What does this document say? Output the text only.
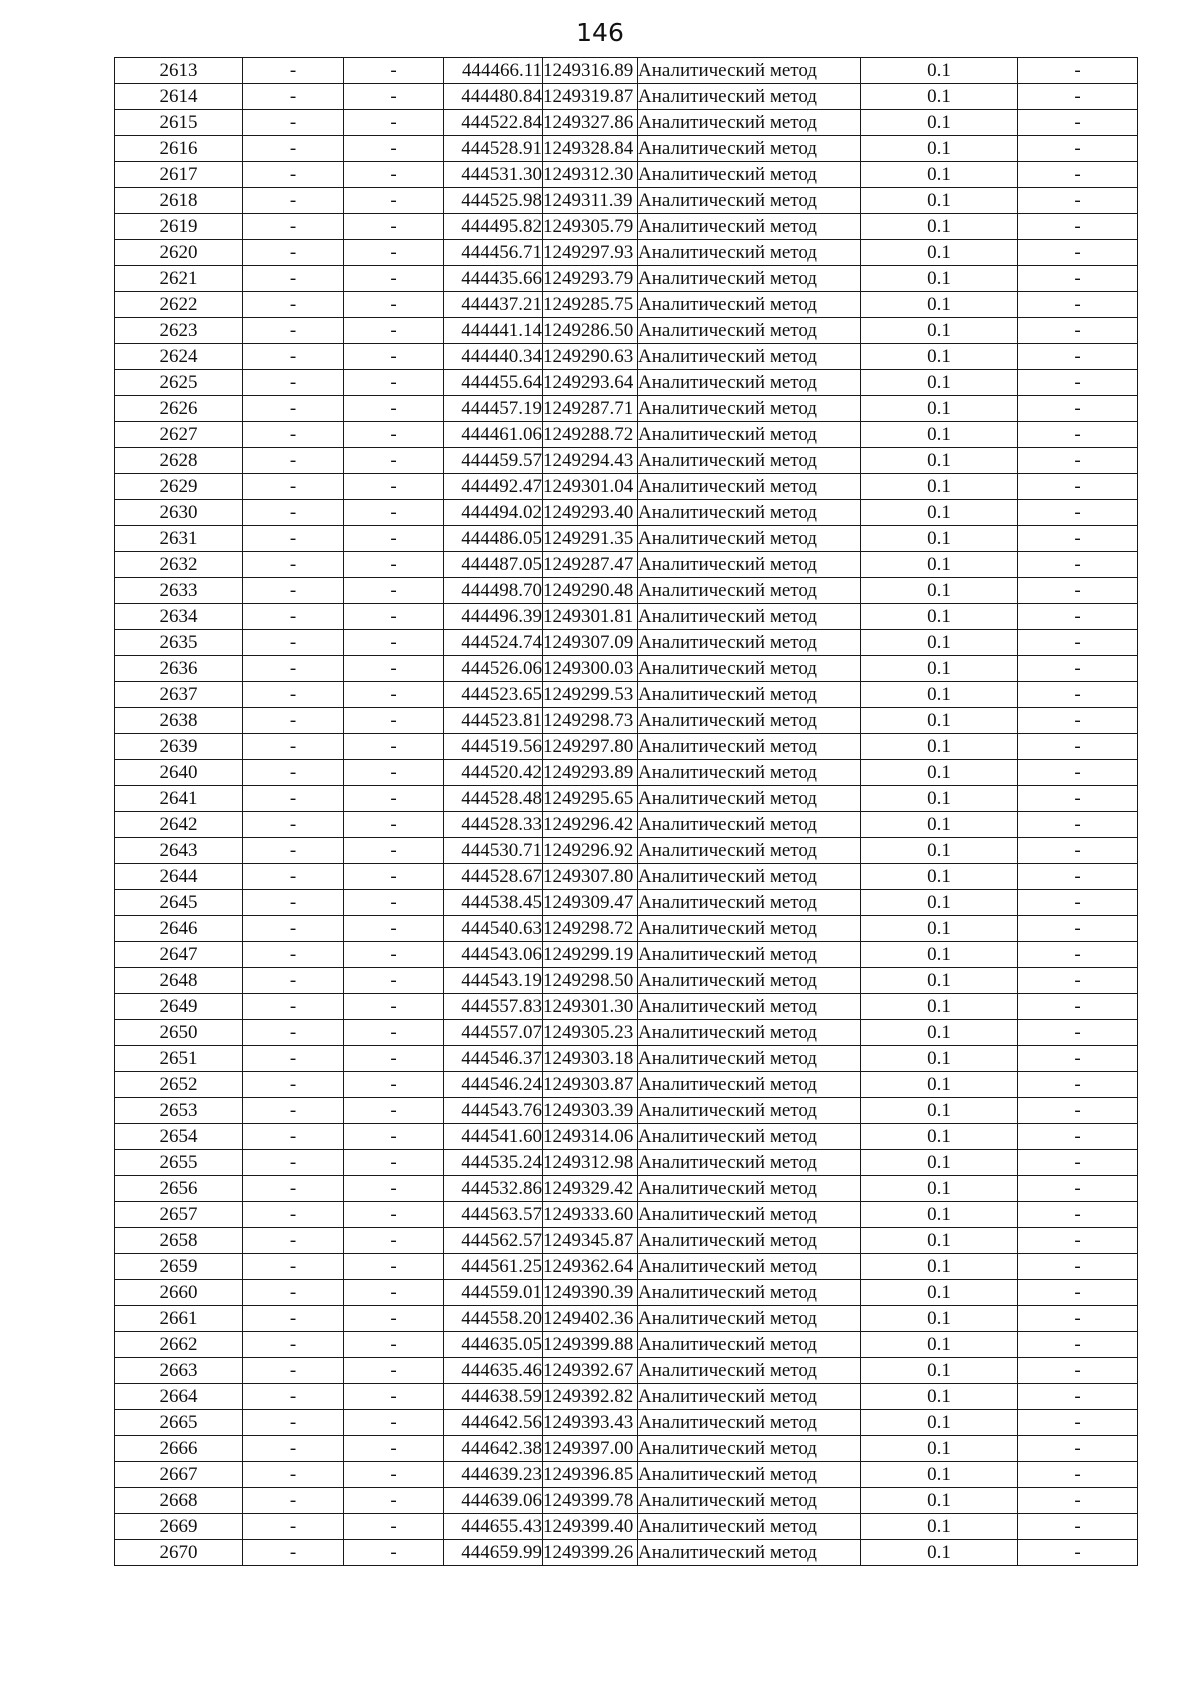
146
2613	-	-	444466.11	1249316.89	Аналитический метод	0.1	-
2614	-	-	444480.84	1249319.87	Аналитический метод	0.1	-
2615	-	-	444522.84	1249327.86	Аналитический метод	0.1	-
2616	-	-	444528.91	1249328.84	Аналитический метод	0.1	-
2617	-	-	444531.30	1249312.30	Аналитический метод	0.1	-
2618	-	-	444525.98	1249311.39	Аналитический метод	0.1	-
2619	-	-	444495.82	1249305.79	Аналитический метод	0.1	-
2620	-	-	444456.71	1249297.93	Аналитический метод	0.1	-
2621	-	-	444435.66	1249293.79	Аналитический метод	0.1	-
2622	-	-	444437.21	1249285.75	Аналитический метод	0.1	-
2623	-	-	444441.14	1249286.50	Аналитический метод	0.1	-
2624	-	-	444440.34	1249290.63	Аналитический метод	0.1	-
2625	-	-	444455.64	1249293.64	Аналитический метод	0.1	-
2626	-	-	444457.19	1249287.71	Аналитический метод	0.1	-
2627	-	-	444461.06	1249288.72	Аналитический метод	0.1	-
2628	-	-	444459.57	1249294.43	Аналитический метод	0.1	-
2629	-	-	444492.47	1249301.04	Аналитический метод	0.1	-
2630	-	-	444494.02	1249293.40	Аналитический метод	0.1	-
2631	-	-	444486.05	1249291.35	Аналитический метод	0.1	-
2632	-	-	444487.05	1249287.47	Аналитический метод	0.1	-
2633	-	-	444498.70	1249290.48	Аналитический метод	0.1	-
2634	-	-	444496.39	1249301.81	Аналитический метод	0.1	-
2635	-	-	444524.74	1249307.09	Аналитический метод	0.1	-
2636	-	-	444526.06	1249300.03	Аналитический метод	0.1	-
2637	-	-	444523.65	1249299.53	Аналитический метод	0.1	-
2638	-	-	444523.81	1249298.73	Аналитический метод	0.1	-
2639	-	-	444519.56	1249297.80	Аналитический метод	0.1	-
2640	-	-	444520.42	1249293.89	Аналитический метод	0.1	-
2641	-	-	444528.48	1249295.65	Аналитический метод	0.1	-
2642	-	-	444528.33	1249296.42	Аналитический метод	0.1	-
2643	-	-	444530.71	1249296.92	Аналитический метод	0.1	-
2644	-	-	444528.67	1249307.80	Аналитический метод	0.1	-
2645	-	-	444538.45	1249309.47	Аналитический метод	0.1	-
2646	-	-	444540.63	1249298.72	Аналитический метод	0.1	-
2647	-	-	444543.06	1249299.19	Аналитический метод	0.1	-
2648	-	-	444543.19	1249298.50	Аналитический метод	0.1	-
2649	-	-	444557.83	1249301.30	Аналитический метод	0.1	-
2650	-	-	444557.07	1249305.23	Аналитический метод	0.1	-
2651	-	-	444546.37	1249303.18	Аналитический метод	0.1	-
2652	-	-	444546.24	1249303.87	Аналитический метод	0.1	-
2653	-	-	444543.76	1249303.39	Аналитический метод	0.1	-
2654	-	-	444541.60	1249314.06	Аналитический метод	0.1	-
2655	-	-	444535.24	1249312.98	Аналитический метод	0.1	-
2656	-	-	444532.86	1249329.42	Аналитический метод	0.1	-
2657	-	-	444563.57	1249333.60	Аналитический метод	0.1	-
2658	-	-	444562.57	1249345.87	Аналитический метод	0.1	-
2659	-	-	444561.25	1249362.64	Аналитический метод	0.1	-
2660	-	-	444559.01	1249390.39	Аналитический метод	0.1	-
2661	-	-	444558.20	1249402.36	Аналитический метод	0.1	-
2662	-	-	444635.05	1249399.88	Аналитический метод	0.1	-
2663	-	-	444635.46	1249392.67	Аналитический метод	0.1	-
2664	-	-	444638.59	1249392.82	Аналитический метод	0.1	-
2665	-	-	444642.56	1249393.43	Аналитический метод	0.1	-
2666	-	-	444642.38	1249397.00	Аналитический метод	0.1	-
2667	-	-	444639.23	1249396.85	Аналитический метод	0.1	-
2668	-	-	444639.06	1249399.78	Аналитический метод	0.1	-
2669	-	-	444655.43	1249399.40	Аналитический метод	0.1	-
2670	-	-	444659.99	1249399.26	Аналитический метод	0.1	-
